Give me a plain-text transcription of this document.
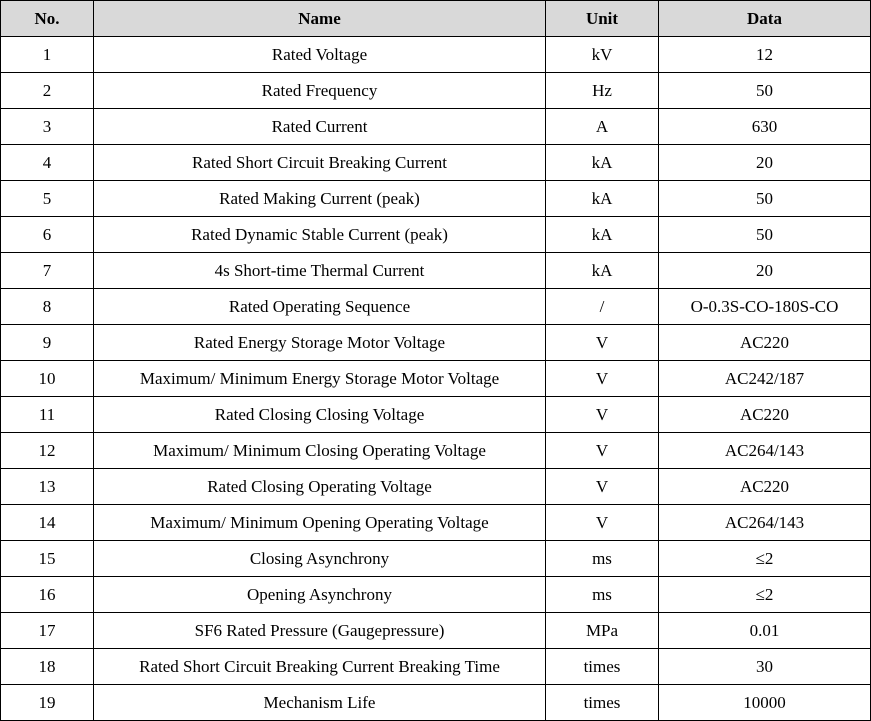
No.	Name	Unit	Data
1	Rated Voltage	kV	12
2	Rated Frequency	Hz	50
3	Rated Current	A	630
4	Rated Short Circuit Breaking Current	kA	20
5	Rated Making Current (peak)	kA	50
6	Rated Dynamic Stable Current (peak)	kA	50
7	4s Short-time Thermal Current	kA	20
8	Rated Operating Sequence	/	O-0.3S-CO-180S-CO
9	Rated Energy Storage Motor Voltage	V	AC220
10	Maximum/ Minimum Energy Storage Motor Voltage	V	AC242/187
11	Rated Closing Closing Voltage	V	AC220
12	Maximum/ Minimum Closing Operating Voltage	V	AC264/143
13	Rated Closing Operating Voltage	V	AC220
14	Maximum/ Minimum Opening Operating Voltage	V	AC264/143
15	Closing Asynchrony	ms	≤2
16	Opening Asynchrony	ms	≤2
17	SF6 Rated Pressure (Gaugepressure)	MPa	0.01
18	Rated Short Circuit Breaking Current Breaking Time	times	30
19	Mechanism Life	times	10000
